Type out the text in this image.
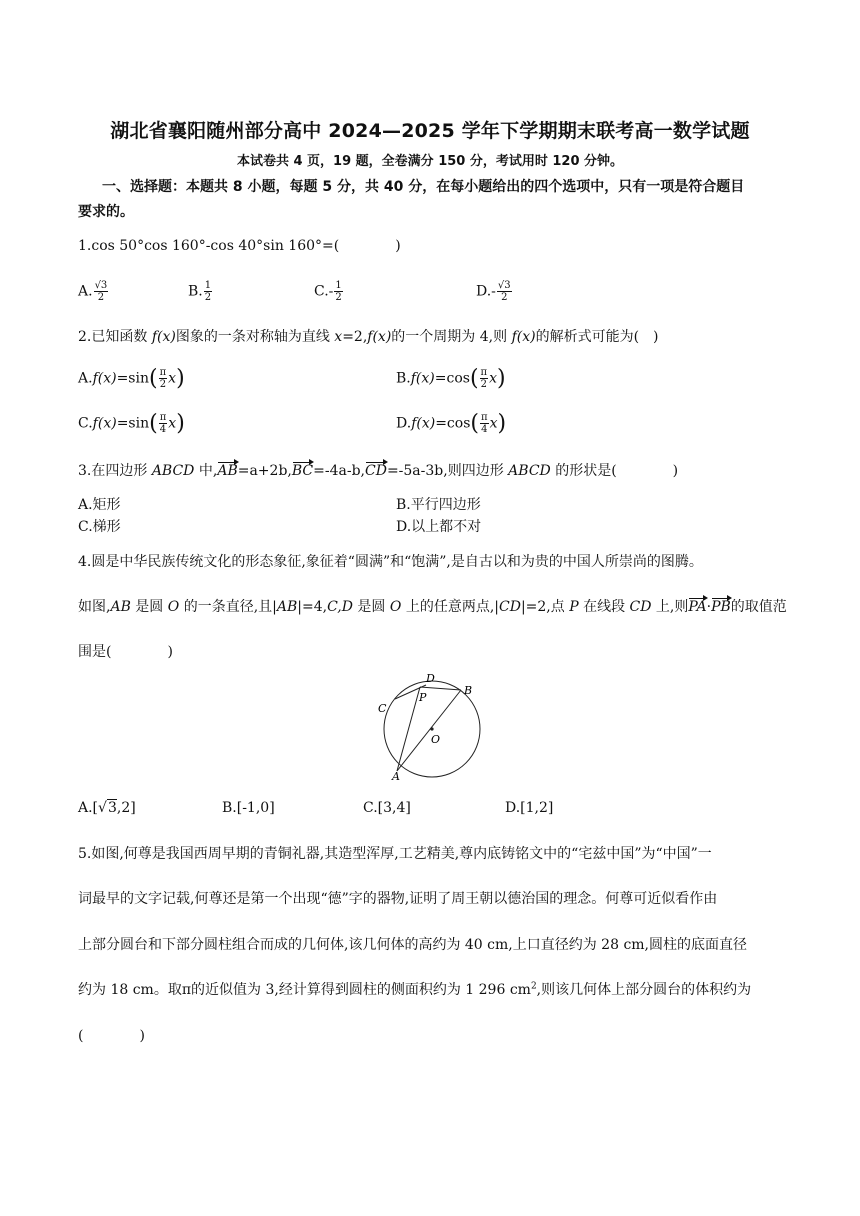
湖北省襄阳随州部分高中 2024—2025 学年下学期期末联考高一数学试题
本试卷共 4 页，19 题，全卷满分 150 分，考试用时 120 分钟。
一、选择题：本题共 8 小题，每题 5 分，共 40 分，在每小题给出的四个选项中，只有一项是符合题目
要求的。
1.cos 50°cos 160°-cos 40°sin 160°=(　　　　)
A. $\frac{√3}{2}$	B. $\frac{1}{2}$	$C.- \frac{1}{2}$	$D.- \frac{√3}{2}$
2.已知函数 f(x)图象的一条对称轴为直线 x=2,f(x)的一个周期为 4,则 f(x)的解析式可能为(　)
$A.f(x)=\sin( \frac{\pi}{2} x)$	$B.f(x)=\cos( \frac{\pi}{2} x)$
$C.f(x)=\sin( \frac{\pi}{4} x)$	$D.f(x)=\cos( \frac{\pi}{4} x)$
3.在四边形 ABCD 中,AB=a+2b,BC=-4a-b,CD=-5a-3b,则四边形 ABCD 的形状是(　　　　)
A.矩形	B.平行四边形
C.梯形	D.以上都不对
4.圆是中华民族传统文化的形态象征,象征着“圆满”和“饱满”,是自古以和为贵的中国人所崇尚的图腾。
如图,AB 是圆 O 的一条直径,且|AB|=4,C,D 是圆 O 上的任意两点,|CD|=2,点 P 在线段 CD 上,则PA·PB的取值范
围是(　　　　)
D
P
B
C
O
A
A.[√3,2]	B.[-1,0]	C.[3,4]	D.[1,2]
5.如图,何尊是我国西周早期的青铜礼器,其造型浑厚,工艺精美,尊内底铸铭文中的“宅兹中国”为“中国”一
词最早的文字记载,何尊还是第一个出现“德”字的器物,证明了周王朝以德治国的理念。何尊可近似看作由
上部分圆台和下部分圆柱组合而成的几何体,该几何体的高约为 40 cm,上口直径约为 28 cm,圆柱的底面直径
约为 18 cm。取π的近似值为 3,经计算得到圆柱的侧面积约为 1 296 $cm^2$,则该几何体上部分圆台的体积约为
(　　　　)
